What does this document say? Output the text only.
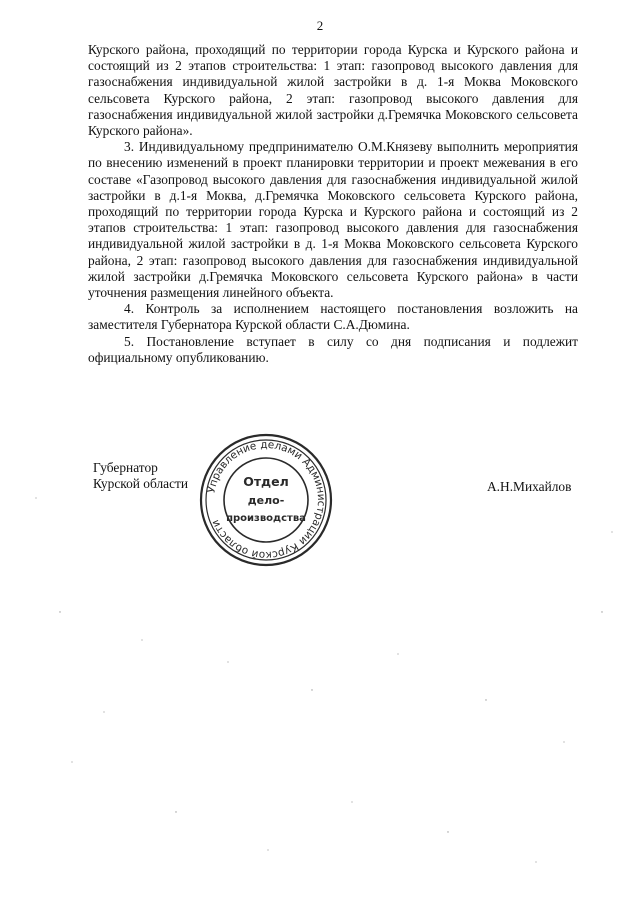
2

Курского района, проходящий по территории города Курска и Курского района и состоящий из 2 этапов строительства: 1 этап: газопровод высокого давления для газоснабжения индивидуальной жилой застройки в д. 1-я Моква Моковского сельсовета Курского района, 2 этап: газопровод высокого давления для газоснабжения индивидуальной жилой застройки д.Гремячка Моковского сельсовета Курского района».

3. Индивидуальному предпринимателю О.М.Князеву выполнить мероприятия по внесению изменений в проект планировки территории и проект межевания в его составе «Газопровод высокого давления для газоснабжения индивидуальной жилой застройки в д.1-я Моква, д.Гремячка Моковского сельсовета Курского района, проходящий по территории города Курска и Курского района и состоящий из 2 этапов строительства: 1 этап: газопровод высокого давления для газоснабжения индивидуальной жилой застройки в д. 1-я Моква Моковского сельсовета Курского района, 2 этап: газопровод высокого давления для газоснабжения индивидуальной жилой застройки д.Гремячка Моковского сельсовета Курского района» в части уточнения размещения линейного объекта.

4. Контроль за исполнением настоящего постановления возложить на заместителя Губернатора Курской области С.А.Дюмина.

5. Постановление вступает в силу со дня подписания и подлежит официальному опубликованию.

Губернатор
Курской области	А.Н.Михайлов
Управление делами Администрации Курской области
Отдел
дело-
производства
